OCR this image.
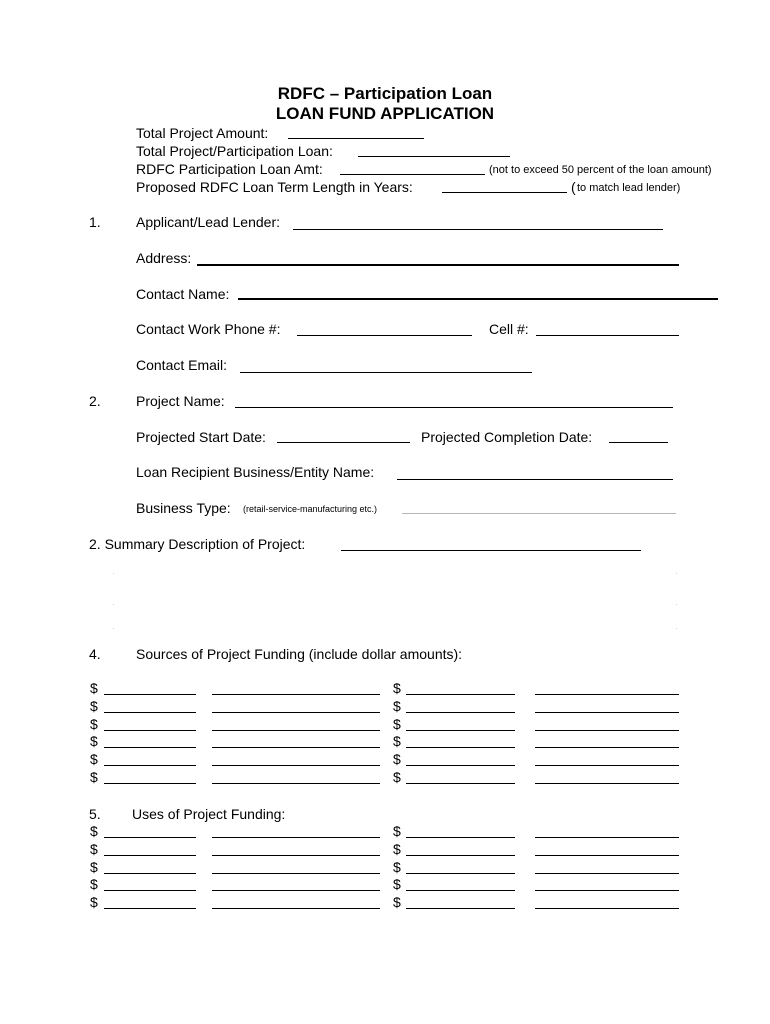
RDFC – Participation Loan
LOAN FUND APPLICATION
Total Project Amount:
Total Project/Participation Loan:
RDFC Participation Loan Amt:	(not to exceed 50 percent of the loan amount)
Proposed RDFC Loan Term Length in Years:	( to match lead lender)
1.	Applicant/Lead Lender:
Address:
Contact Name:
Contact Work Phone #:	Cell #:
Contact Email:
2.	Project Name:
Projected Start Date:	Projected Completion Date:
Loan Recipient Business/Entity Name:
Business Type: (retail-service-manufacturing etc.)
2. Summary Description of Project:
4.	Sources of Project Funding (include dollar amounts):
$	$
$	$
$	$
$	$
$	$
$	$
5. Uses of Project Funding:
$	$
$	$
$	$
$	$
$	$
